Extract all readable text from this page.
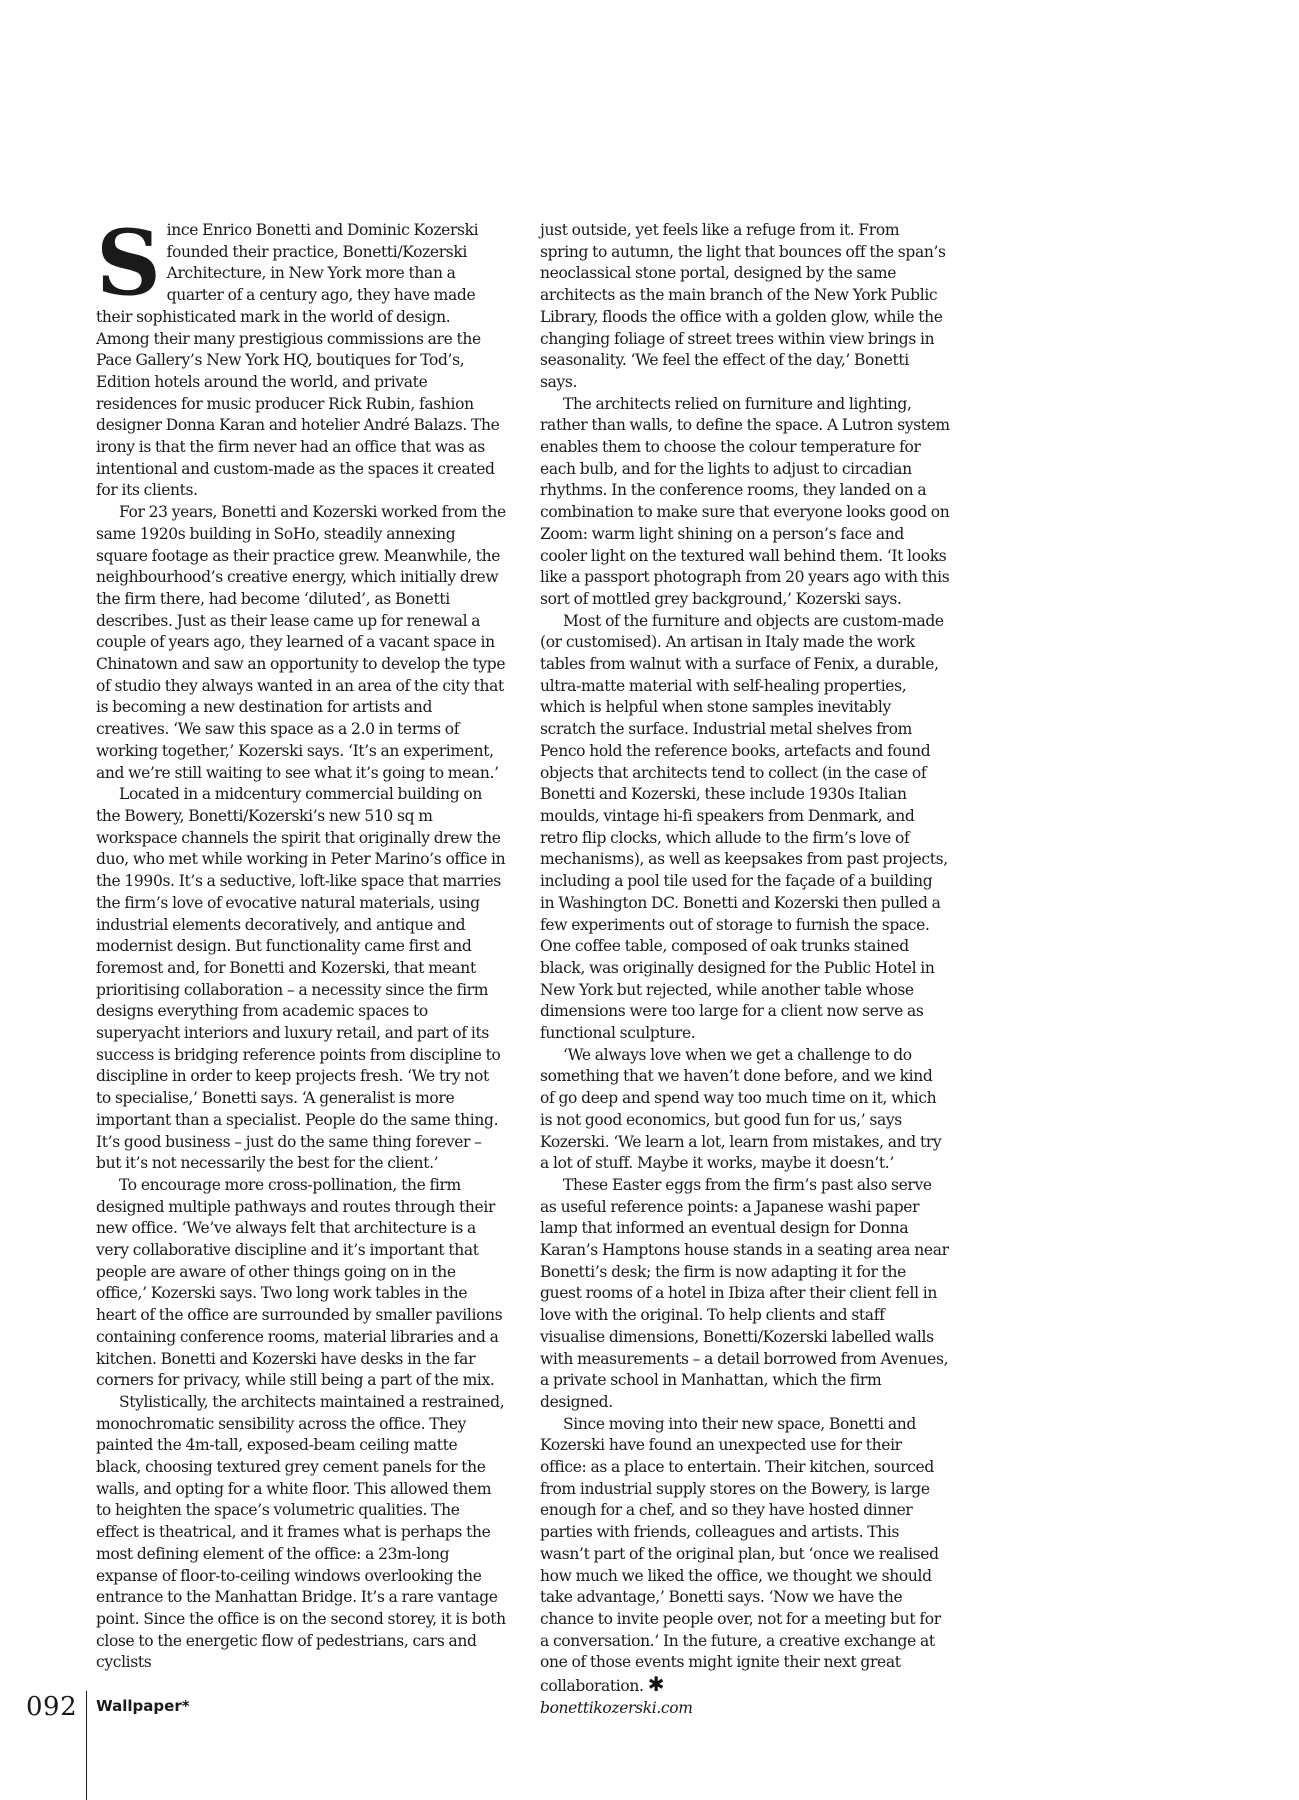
Since Enrico Bonetti and Dominic Kozerski founded their practice, Bonetti/Kozerski Architecture, in New York more than a quarter of a century ago, they have made their sophisticated mark in the world of design. Among their many prestigious commissions are the Pace Gallery’s New York HQ, boutiques for Tod’s, Edition hotels around the world, and private residences for music producer Rick Rubin, fashion designer Donna Karan and hotelier André Balazs. The irony is that the firm never had an office that was as intentional and custom-made as the spaces it created for its clients.

For 23 years, Bonetti and Kozerski worked from the same 1920s building in SoHo, steadily annexing square footage as their practice grew. Meanwhile, the neighbourhood’s creative energy, which initially drew the firm there, had become ‘diluted’, as Bonetti describes. Just as their lease came up for renewal a couple of years ago, they learned of a vacant space in Chinatown and saw an opportunity to develop the type of studio they always wanted in an area of the city that is becoming a new destination for artists and creatives. ‘We saw this space as a 2.0 in terms of working together,’ Kozerski says. ‘It’s an experiment, and we’re still waiting to see what it’s going to mean.’

Located in a midcentury commercial building on the Bowery, Bonetti/Kozerski’s new 510 sq m workspace channels the spirit that originally drew the duo, who met while working in Peter Marino’s office in the 1990s. It’s a seductive, loft-like space that marries the firm’s love of evocative natural materials, using industrial elements decoratively, and antique and modernist design. But functionality came first and foremost and, for Bonetti and Kozerski, that meant prioritising collaboration – a necessity since the firm designs everything from academic spaces to superyacht interiors and luxury retail, and part of its success is bridging reference points from discipline to discipline in order to keep projects fresh. ‘We try not to specialise,’ Bonetti says. ‘A generalist is more important than a specialist. People do the same thing. It’s good business – just do the same thing forever – but it’s not necessarily the best for the client.’

To encourage more cross-pollination, the firm designed multiple pathways and routes through their new office. ‘We’ve always felt that architecture is a very collaborative discipline and it’s important that people are aware of other things going on in the office,’ Kozerski says. Two long work tables in the heart of the office are surrounded by smaller pavilions containing conference rooms, material libraries and a kitchen. Bonetti and Kozerski have desks in the far corners for privacy, while still being a part of the mix.

Stylistically, the architects maintained a restrained, monochromatic sensibility across the office. They painted the 4m-tall, exposed-beam ceiling matte black, choosing textured grey cement panels for the walls, and opting for a white floor. This allowed them to heighten the space’s volumetric qualities. The effect is theatrical, and it frames what is perhaps the most defining element of the office: a 23m-long expanse of floor-to-ceiling windows overlooking the entrance to the Manhattan Bridge. It’s a rare vantage point. Since the office is on the second storey, it is both close to the energetic flow of pedestrians, cars and cyclists

just outside, yet feels like a refuge from it. From spring to autumn, the light that bounces off the span’s neoclassical stone portal, designed by the same architects as the main branch of the New York Public Library, floods the office with a golden glow, while the changing foliage of street trees within view brings in seasonality. ‘We feel the effect of the day,’ Bonetti says.

The architects relied on furniture and lighting, rather than walls, to define the space. A Lutron system enables them to choose the colour temperature for each bulb, and for the lights to adjust to circadian rhythms. In the conference rooms, they landed on a combination to make sure that everyone looks good on Zoom: warm light shining on a person’s face and cooler light on the textured wall behind them. ‘It looks like a passport photograph from 20 years ago with this sort of mottled grey background,’ Kozerski says.

Most of the furniture and objects are custom-made (or customised). An artisan in Italy made the work tables from walnut with a surface of Fenix, a durable, ultra-matte material with self-healing properties, which is helpful when stone samples inevitably scratch the surface. Industrial metal shelves from Penco hold the reference books, artefacts and found objects that architects tend to collect (in the case of Bonetti and Kozerski, these include 1930s Italian moulds, vintage hi-fi speakers from Denmark, and retro flip clocks, which allude to the firm’s love of mechanisms), as well as keepsakes from past projects, including a pool tile used for the façade of a building in Washington DC. Bonetti and Kozerski then pulled a few experiments out of storage to furnish the space. One coffee table, composed of oak trunks stained black, was originally designed for the Public Hotel in New York but rejected, while another table whose dimensions were too large for a client now serve as functional sculpture.

‘We always love when we get a challenge to do something that we haven’t done before, and we kind of go deep and spend way too much time on it, which is not good economics, but good fun for us,’ says Kozerski. ‘We learn a lot, learn from mistakes, and try a lot of stuff. Maybe it works, maybe it doesn’t.’

These Easter eggs from the firm’s past also serve as useful reference points: a Japanese washi paper lamp that informed an eventual design for Donna Karan’s Hamptons house stands in a seating area near Bonetti’s desk; the firm is now adapting it for the guest rooms of a hotel in Ibiza after their client fell in love with the original. To help clients and staff visualise dimensions, Bonetti/Kozerski labelled walls with measurements – a detail borrowed from Avenues, a private school in Manhattan, which the firm designed.

Since moving into their new space, Bonetti and Kozerski have found an unexpected use for their office: as a place to entertain. Their kitchen, sourced from industrial supply stores on the Bowery, is large enough for a chef, and so they have hosted dinner parties with friends, colleagues and artists. This wasn’t part of the original plan, but ‘once we realised how much we liked the office, we thought we should take advantage,’ Bonetti says. ‘Now we have the chance to invite people over, not for a meeting but for a conversation.’ In the future, a creative exchange at one of those events might ignite their next great collaboration. ✱

bonettikozerski.com

092	Wallpaper*
